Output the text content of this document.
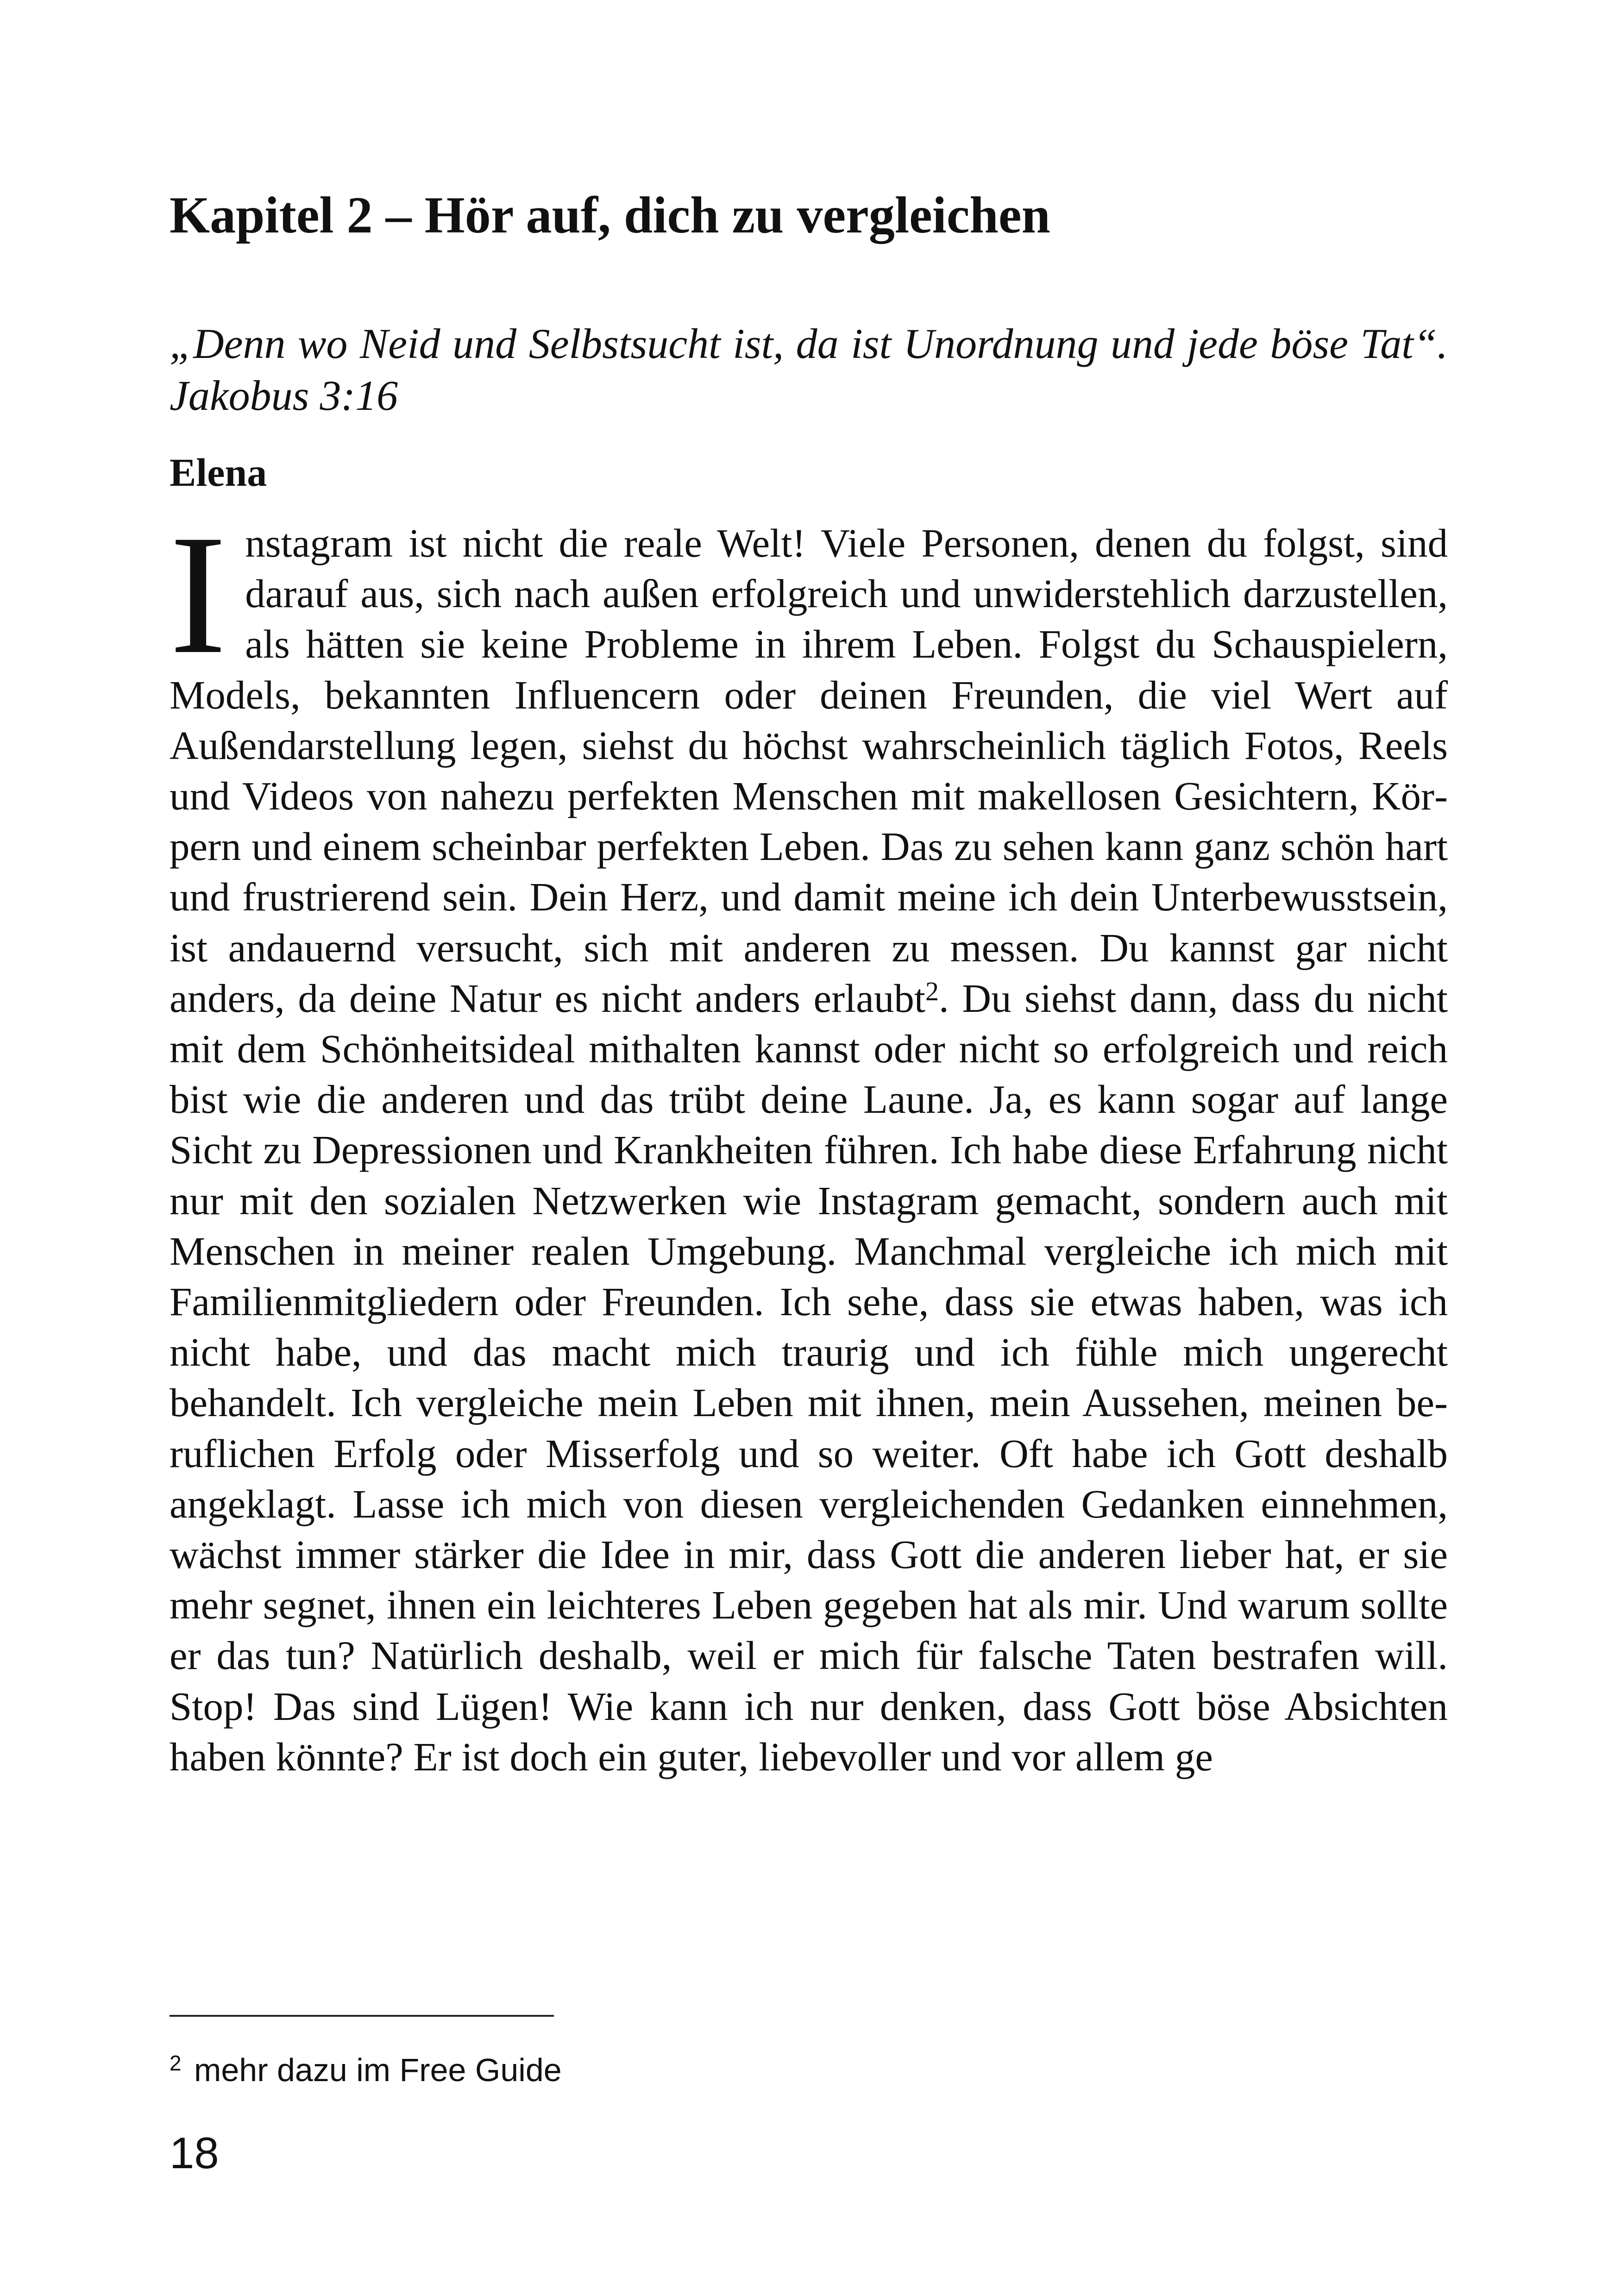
Kapitel 2 – Hör auf, dich zu vergleichen

„Denn wo Neid und Selbstsucht ist, da ist Unordnung und jede böse Tat“. Jakobus 3:16

Elena

Instagram ist nicht die reale Welt! Viele Personen, denen du folgst, sind darauf aus, sich nach außen erfolgreich und unwiderstehlich darzustellen, als hätten sie keine Probleme in ihrem Leben. Folgst du Schauspielern, Models, bekannten Influencern oder deinen Freunden, die viel Wert auf Außendarstellung legen, siehst du höchst wahrscheinlich täglich Fotos, Reels und Videos von nahezu perfekten Menschen mit makellosen Gesichtern, Körpern und einem scheinbar perfekten Leben. Das zu sehen kann ganz schön hart und frustrierend sein. Dein Herz, und damit meine ich dein Unterbewusstsein, ist andauernd versucht, sich mit anderen zu messen. Du kannst gar nicht anders, da deine Natur es nicht anders erlaubt$^2$. Du siehst dann, dass du nicht mit dem Schönheitsideal mithalten kannst oder nicht so erfolgreich und reich bist wie die anderen und das trübt deine Laune. Ja, es kann sogar auf lange Sicht zu Depressionen und Krankheiten führen. Ich habe diese Erfahrung nicht nur mit den sozialen Netzwerken wie Instagram gemacht, sondern auch mit Menschen in meiner realen Umgebung. Manchmal vergleiche ich mich mit Familienmitgliedern oder Freunden. Ich sehe, dass sie etwas haben, was ich nicht habe, und das macht mich traurig und ich fühle mich ungerecht behandelt. Ich vergleiche mein Leben mit ihnen, mein Aussehen, meinen beruflichen Erfolg oder Misserfolg und so weiter. Oft habe ich Gott deshalb angeklagt. Lasse ich mich von diesen vergleichenden Gedanken einnehmen, wächst immer stärker die Idee in mir, dass Gott die anderen lieber hat, er sie mehr segnet, ihnen ein leichteres Leben gegeben hat als mir. Und warum sollte er das tun? Natürlich deshalb, weil er mich für falsche Taten bestrafen will. Stop! Das sind Lügen! Wie kann ich nur denken, dass Gott böse Absichten haben könnte? Er ist doch ein guter, liebevoller und vor allem ge

$^2$ mehr dazu im Free Guide

18
